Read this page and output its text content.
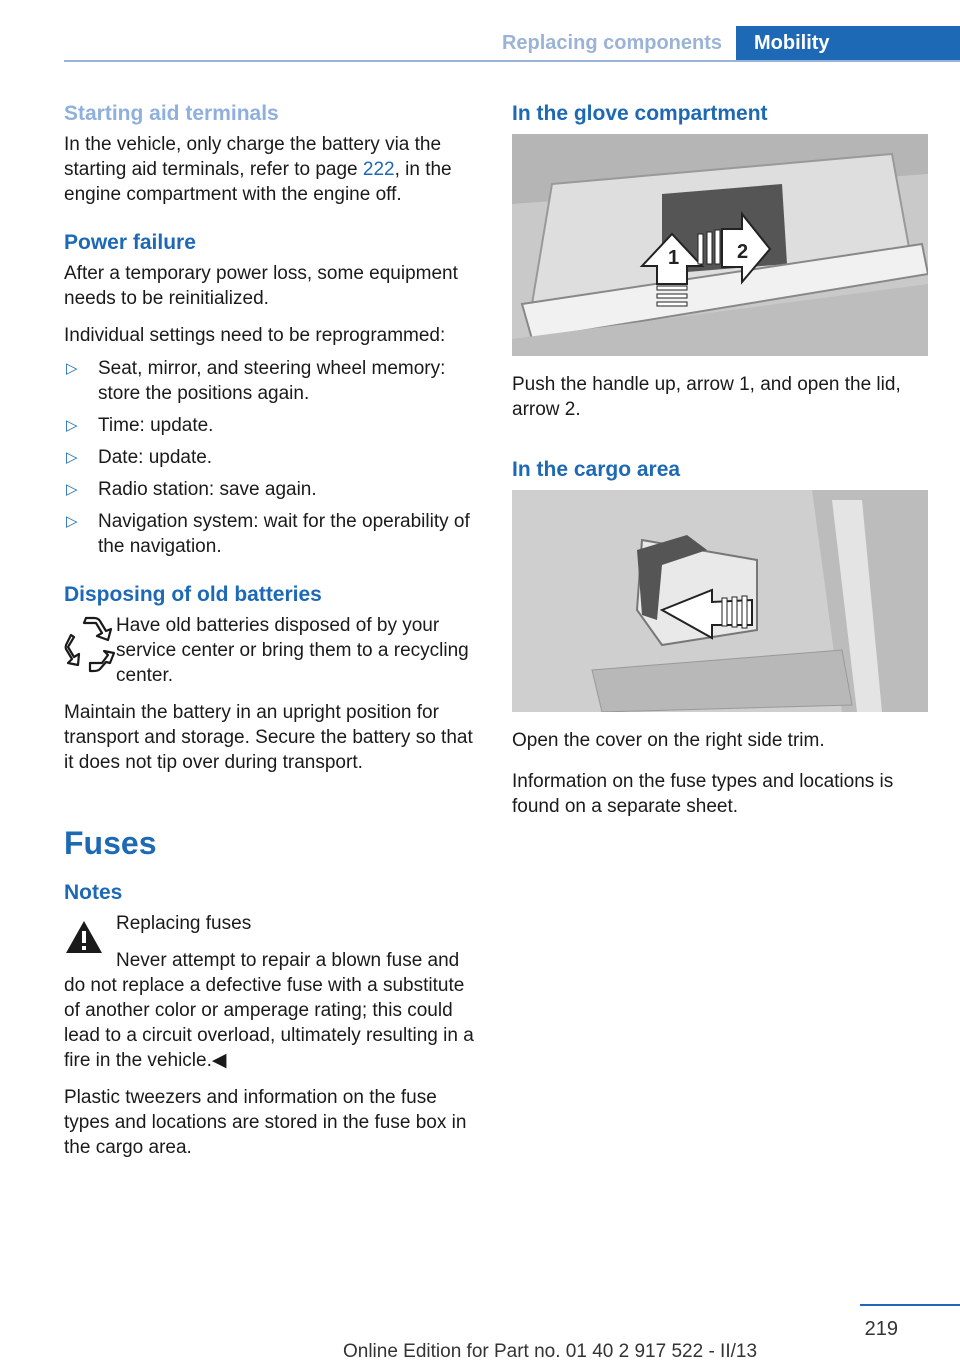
Replacing components	Mobility
Starting aid terminals

In the vehicle, only charge the battery via the starting aid terminals, refer to page 222, in the engine compartment with the engine off.

Power failure

After a temporary power loss, some equipment needs to be reinitialized.

Individual settings need to be reprogrammed:

▷ Seat, mirror, and steering wheel memory: store the positions again.
▷ Time: update.
▷ Date: update.
▷ Radio station: save again.
▷ Navigation system: wait for the operability of the navigation.
Disposing of old batteries

Have old batteries disposed of by your service center or bring them to a recycling center.

Maintain the battery in an upright position for transport and storage. Secure the battery so that it does not tip over during transport.

Fuses
Notes

Replacing fuses

Never attempt to repair a blown fuse and do not replace a defective fuse with a substitute of another color or amperage rating; this could lead to a circuit overload, ultimately resulting in a fire in the vehicle.◀

Plastic tweezers and information on the fuse types and locations are stored in the fuse box in the cargo area.

In the glove compartment
1	2

Push the handle up, arrow 1, and open the lid, arrow 2.

In the cargo area

Open the cover on the right side trim.

Information on the fuse types and locations is found on a separate sheet.

219
Online Edition for Part no. 01 40 2 917 522 - II/13
